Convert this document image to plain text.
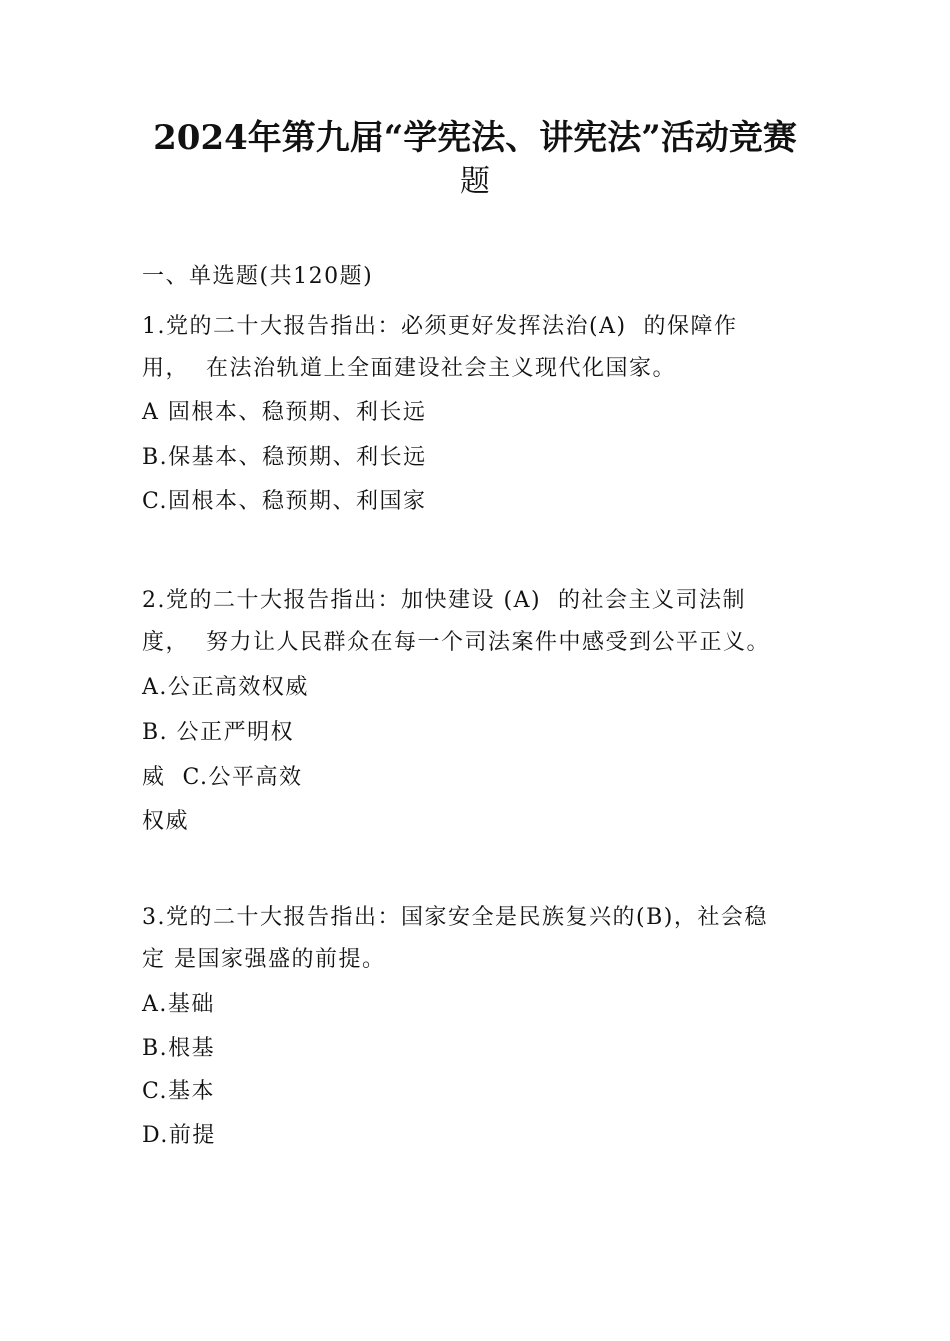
2024年第九届“学宪法、讲宪法”活动竞赛
题
一、单选题(共120题)
1.党的二十大报告指出：必须更好发挥法治(A)  的保障作
用，  在法治轨道上全面建设社会主义现代化国家。
A 固根本、稳预期、利长远
B.保基本、稳预期、利长远
C.固根本、稳预期、利国家
2.党的二十大报告指出：加快建设 (A)  的社会主义司法制
度，  努力让人民群众在每一个司法案件中感受到公平正义。
A.公正高效权威
B. 公正严明权
威  C.公平高效
权威
3.党的二十大报告指出：国家安全是民族复兴的(B)，社会稳
定 是国家强盛的前提。
A.基础
B.根基
C.基本
D.前提
